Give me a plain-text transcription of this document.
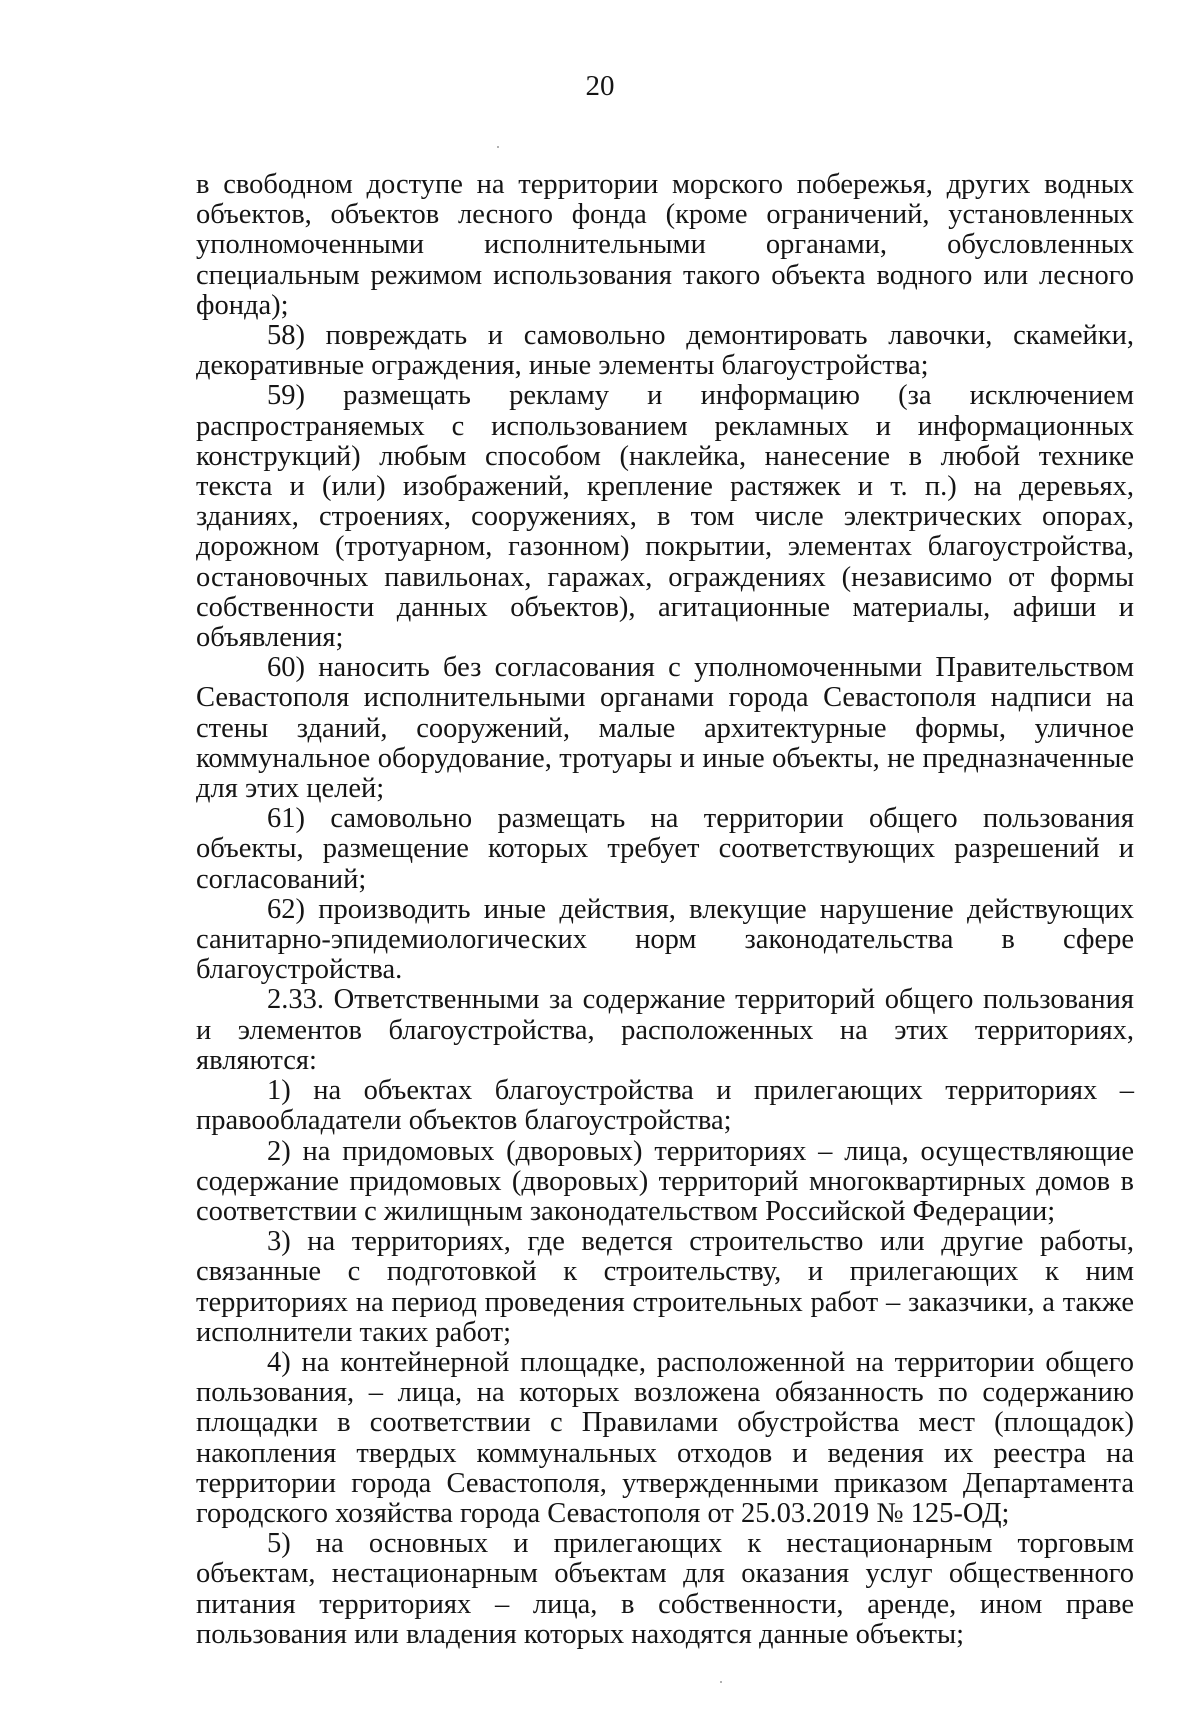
20

в свободном доступе на территории морского побережья, других водных объектов, объектов лесного фонда (кроме ограничений, установленных уполномоченными исполнительными органами, обусловленных специальным режимом использования такого объекта водного или лесного фонда);

58) повреждать и самовольно демонтировать лавочки, скамейки, декоративные ограждения, иные элементы благоустройства;

59) размещать рекламу и информацию (за исключением распространяемых с использованием рекламных и информационных конструкций) любым способом (наклейка, нанесение в любой технике текста и (или) изображений, крепление растяжек и т. п.) на деревьях, зданиях, строениях, сооружениях, в том числе электрических опорах, дорожном (тротуарном, газонном) покрытии, элементах благоустройства, остановочных павильонах, гаражах, ограждениях (независимо от формы собственности данных объектов), агитационные материалы, афиши и объявления;

60) наносить без согласования с уполномоченными Правительством Севастополя исполнительными органами города Севастополя надписи на стены зданий, сооружений, малые архитектурные формы, уличное коммунальное оборудование, тротуары и иные объекты, не предназначенные для этих целей;

61) самовольно размещать на территории общего пользования объекты, размещение которых требует соответствующих разрешений и согласований;

62) производить иные действия, влекущие нарушение действующих санитарно-эпидемиологических норм законодательства в сфере благоустройства.

2.33. Ответственными за содержание территорий общего пользования и элементов благоустройства, расположенных на этих территориях, являются:

1) на объектах благоустройства и прилегающих территориях – правообладатели объектов благоустройства;

2) на придомовых (дворовых) территориях – лица, осуществляющие содержание придомовых (дворовых) территорий многоквартирных домов в соответствии с жилищным законодательством Российской Федерации;

3) на территориях, где ведется строительство или другие работы, связанные с подготовкой к строительству, и прилегающих к ним территориях на период проведения строительных работ – заказчики, а также исполнители таких работ;

4) на контейнерной площадке, расположенной на территории общего пользования, – лица, на которых возложена обязанность по содержанию площадки в соответствии с Правилами обустройства мест (площадок) накопления твердых коммунальных отходов и ведения их реестра на территории города Севастополя, утвержденными приказом Департамента городского хозяйства города Севастополя от 25.03.2019 № 125-ОД;

5) на основных и прилегающих к нестационарным торговым объектам, нестационарным объектам для оказания услуг общественного питания территориях – лица, в собственности, аренде, ином праве пользования или владения которых находятся данные объекты;
